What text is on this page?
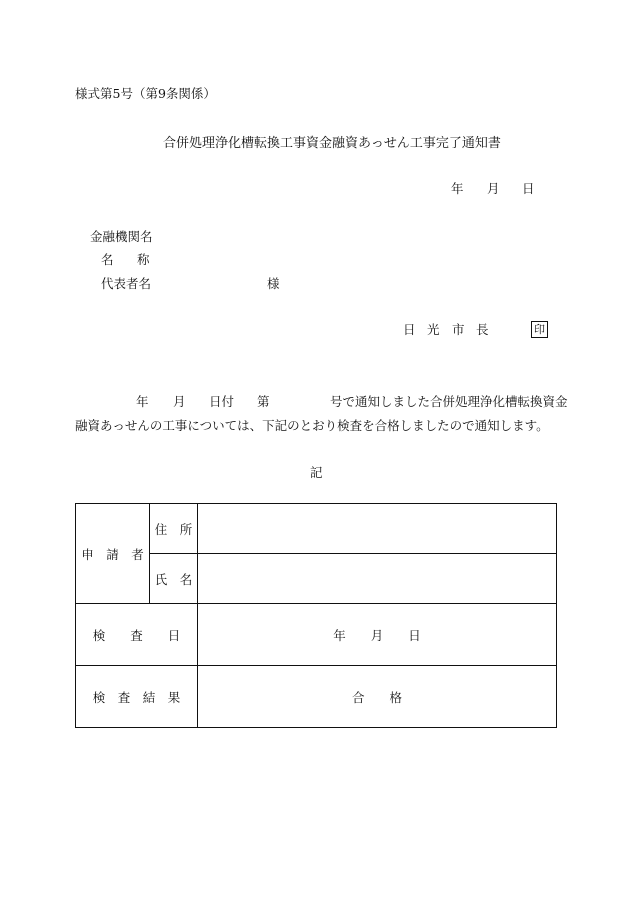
様式第5号（第9条関係）
合併処理浄化槽転換工事資金融資あっせん工事完了通知書
年 月 日
金融機関名
名 称
代表者名	様
日 光 市 長	印
年 月 日付 第	号で通知しました合併処理浄化槽転換資金
融資あっせんの工事については、下記のとおり検査を合格しましたので通知します。
記
申　請　者	住　所	
	氏　名	
検　　査　　日		年　　月　　日
検　査　結　果		合　　格
